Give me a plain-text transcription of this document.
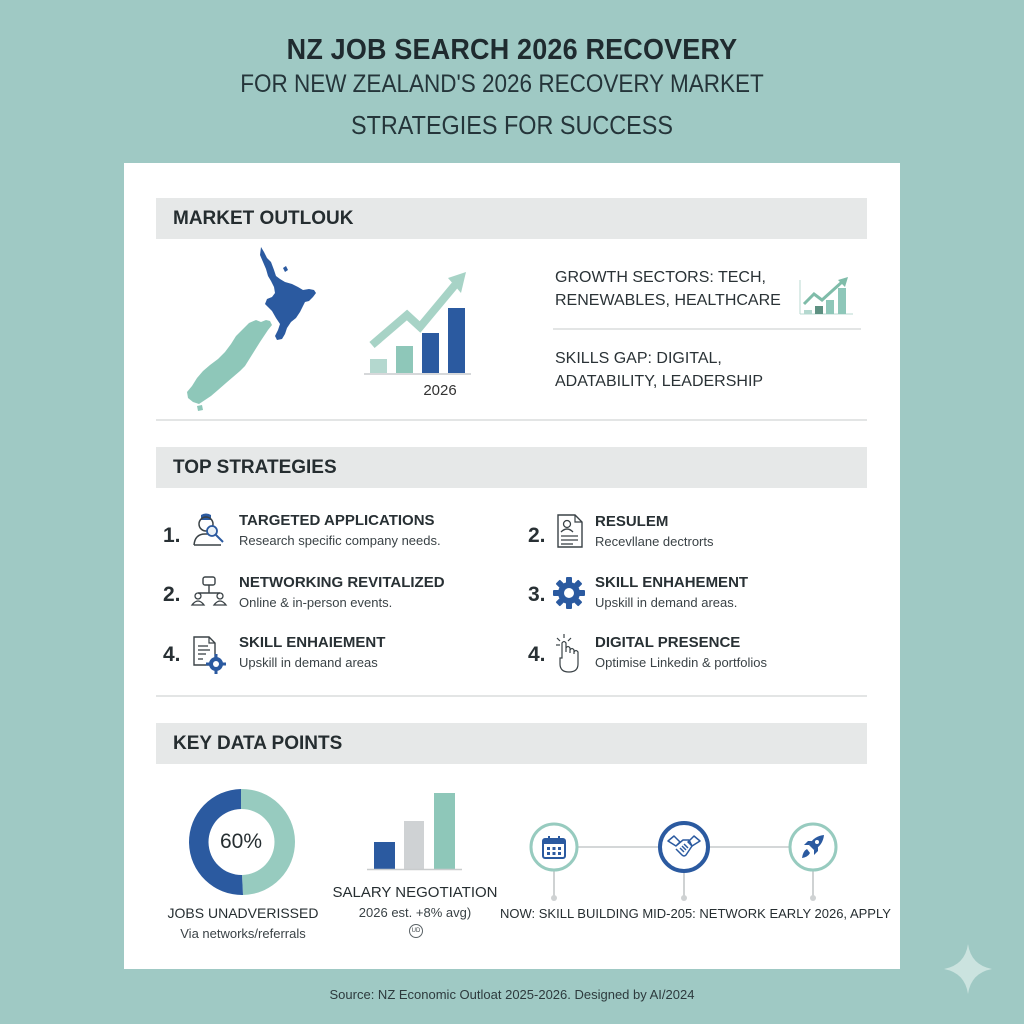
NZ JOB SEARCH 2026 RECOVERY
FOR NEW ZEALAND'S 2026 RECOVERY MARKET
STRATEGIES FOR SUCCESS
MARKET OUTLOUK
2026
GROWTH SECTORS: TECH,
RENEWABLES, HEALTHCARE
SKILLS GAP: DIGITAL,
ADATABILITY, LEADERSHIP
TOP STRATEGIES
1.
TARGETED APPLICATIONS
Research specific company needs.	2.
RESULEM
Recevllane dectrorts
2.
NETWORKING REVITALIZED
Online & in-person events.	3.
SKILL ENHAHEMENT
Upskill in demand areas.
4.
SKILL ENHAIEMENT
Upskill in demand areas	4.
DIGITAL PRESENCE
Optimise Linkedin & portfolios
KEY DATA POINTS
60%
JOBS UNADVERISSED
Via networks/referrals
SALARY NEGOTIATION
2026 est. +8% avg)
UD
NOW: SKILL BUILDING MID-205: NETWORK EARLY 2026, APPLY
Source: NZ Economic Outloat 2025-2026. Designed by AI/2024
